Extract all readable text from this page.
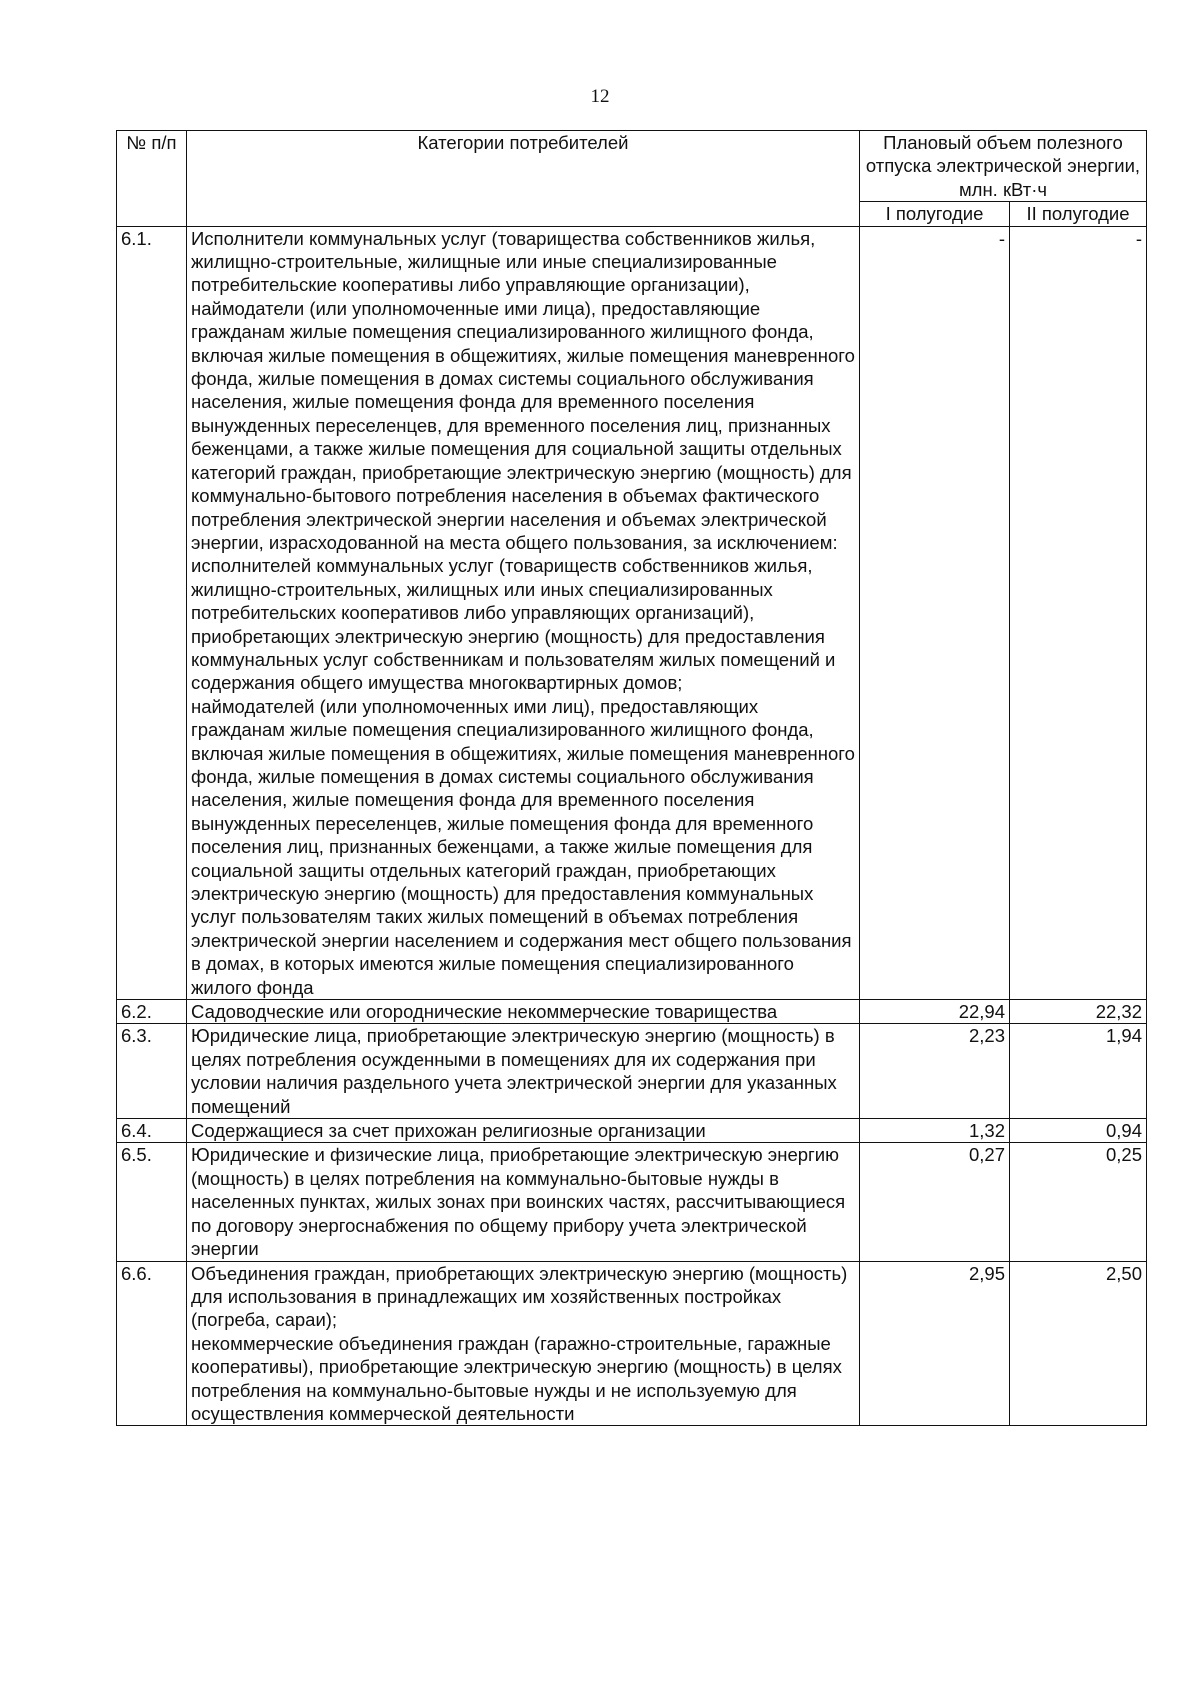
12
№ п/п	Категории потребителей	Плановый объем полезного отпуска электрической энергии, млн. кВт·ч	
		I полугодие	II полугодие
6.1.	Исполнители коммунальных услуг (товарищества собственников жилья, жилищно-строительные, жилищные или иные специализированные потребительские кооперативы либо управляющие организации), наймодатели (или уполномоченные ими лица), предоставляющие гражданам жилые помещения специализированного жилищного фонда, включая жилые помещения в общежитиях, жилые помещения маневренного фонда, жилые помещения в домах системы социального обслуживания населения, жилые помещения фонда для временного поселения вынужденных переселенцев, для временного поселения лиц, признанных беженцами, а также жилые помещения для социальной защиты отдельных категорий граждан, приобретающие электрическую энергию (мощность) для коммунально-бытового потребления населения в объемах фактического потребления электрической энергии населения и объемах электрической энергии, израсходованной на места общего пользования, за исключением:
исполнителей коммунальных услуг (товариществ собственников жилья, жилищно-строительных, жилищных или иных специализированных потребительских кооперативов либо управляющих организаций), приобретающих электрическую энергию (мощность) для предоставления коммунальных услуг собственникам и пользователям жилых помещений и содержания общего имущества многоквартирных домов;
наймодателей (или уполномоченных ими лиц), предоставляющих гражданам жилые помещения специализированного жилищного фонда, включая жилые помещения в общежитиях, жилые помещения маневренного фонда, жилые помещения в домах системы социального обслуживания населения, жилые помещения фонда для временного поселения вынужденных переселенцев, жилые помещения фонда для временного поселения лиц, признанных беженцами, а также жилые помещения для социальной защиты отдельных категорий граждан, приобретающих электрическую энергию (мощность) для предоставления коммунальных услуг пользователям таких жилых помещений в объемах потребления электрической энергии населением и содержания мест общего пользования в домах, в которых имеются жилые помещения специализированного жилого фонда	-	-
6.2.	Садоводческие или огороднические некоммерческие товарищества	22,94	22,32
6.3.	Юридические лица, приобретающие электрическую энергию (мощность) в целях потребления осужденными в помещениях для их содержания при условии наличия раздельного учета электрической энергии для указанных помещений	2,23	1,94
6.4.	Содержащиеся за счет прихожан религиозные организации	1,32	0,94
6.5.	Юридические и физические лица, приобретающие электрическую энергию (мощность) в целях потребления на коммунально-бытовые нужды в населенных пунктах, жилых зонах при воинских частях, рассчитывающиеся по договору энергоснабжения по общему прибору учета электрической энергии	0,27	0,25
6.6.	Объединения граждан, приобретающих электрическую энергию (мощность) для использования в принадлежащих им хозяйственных постройках (погреба, сараи);
некоммерческие объединения граждан (гаражно-строительные, гаражные кооперативы), приобретающие электрическую энергию (мощность) в целях потребления на коммунально-бытовые нужды и не используемую для осуществления коммерческой деятельности	2,95	2,50
